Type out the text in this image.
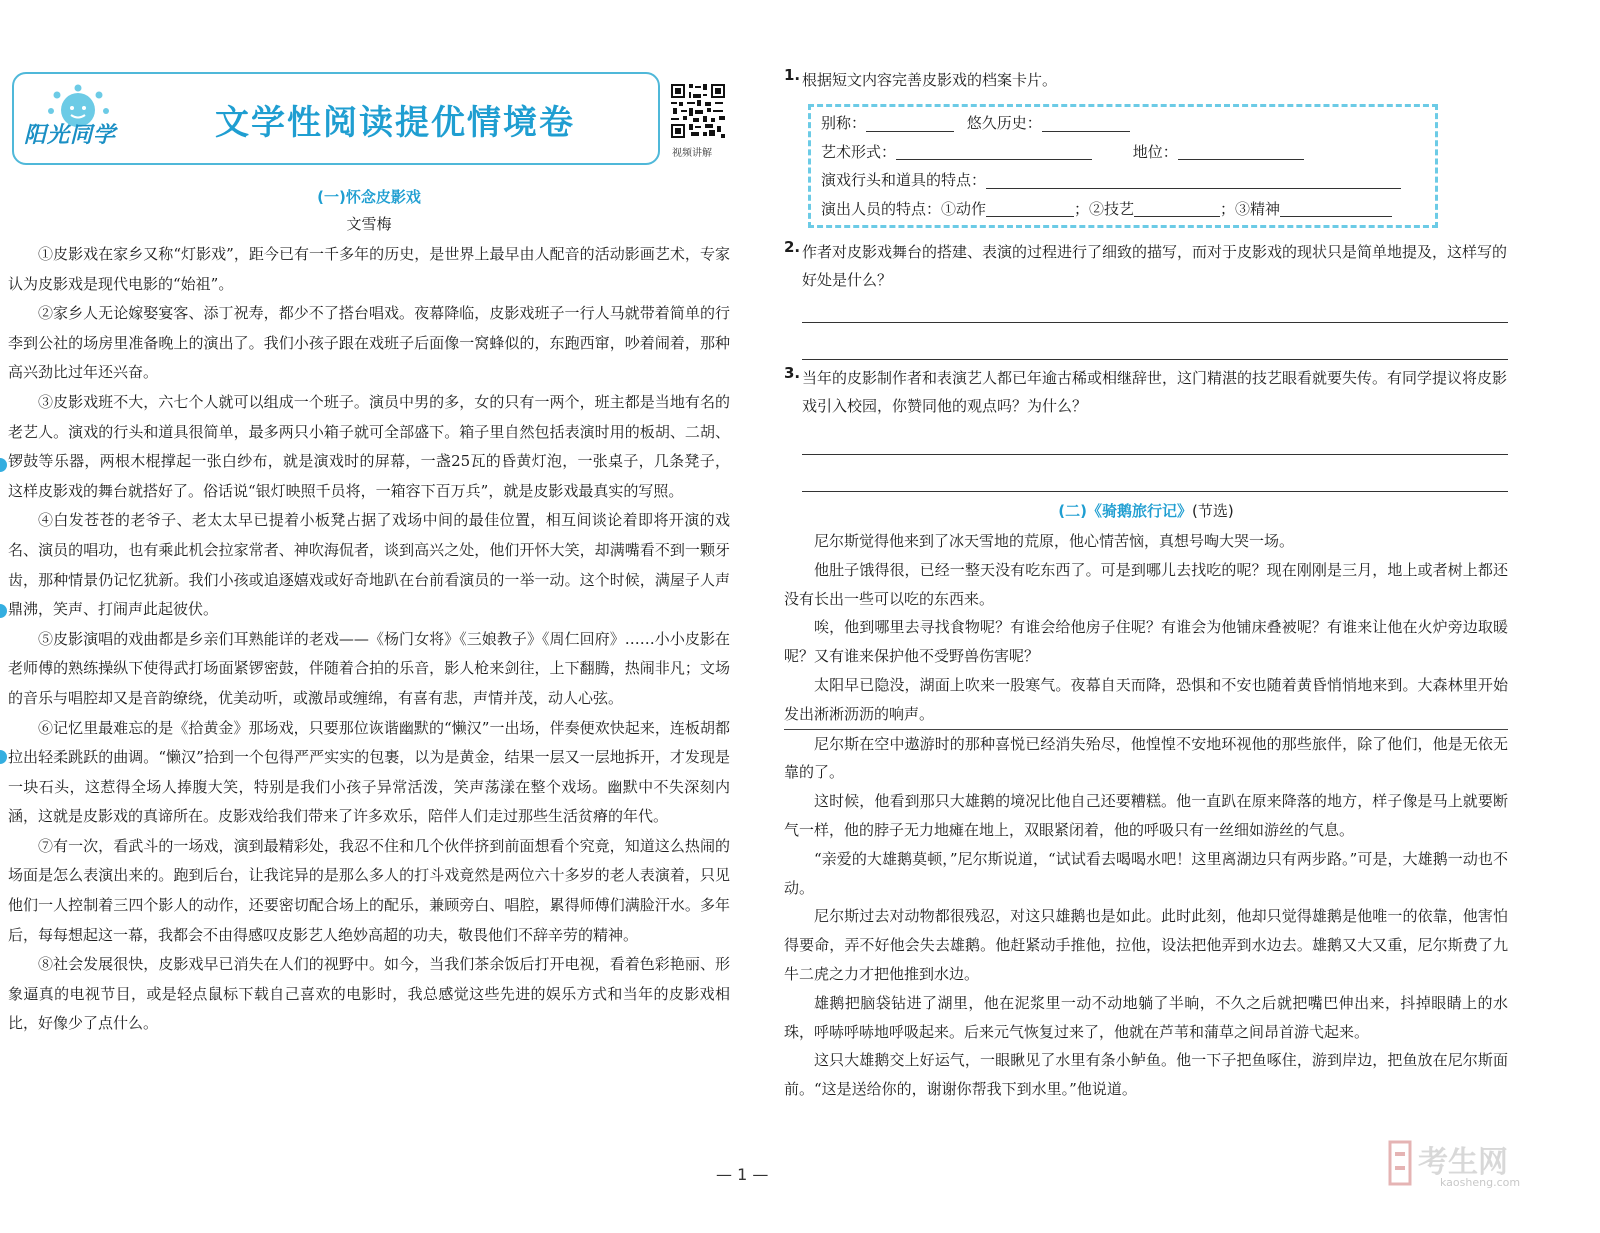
阳光同学	文学性阅读提优情境卷
视频讲解
(一)怀念皮影戏
文雪梅

①皮影戏在家乡又称“灯影戏”，距今已有一千多年的历史，是世界上最早由人配音的活动影画艺术，专家认为皮影戏是现代电影的“始祖”。

②家乡人无论嫁娶宴客、添丁祝寿，都少不了搭台唱戏。夜幕降临，皮影戏班子一行人马就带着简单的行李到公社的场房里准备晚上的演出了。我们小孩子跟在戏班子后面像一窝蜂似的，东跑西窜，吵着闹着，那种高兴劲比过年还兴奋。

③皮影戏班不大，六七个人就可以组成一个班子。演员中男的多，女的只有一两个，班主都是当地有名的老艺人。演戏的行头和道具很简单，最多两只小箱子就可全部盛下。箱子里自然包括表演时用的板胡、二胡、锣鼓等乐器，两根木棍撑起一张白纱布，就是演戏时的屏幕，一盏25瓦的昏黄灯泡，一张桌子，几条凳子，这样皮影戏的舞台就搭好了。俗话说“银灯映照千员将，一箱容下百万兵”，就是皮影戏最真实的写照。

④白发苍苍的老爷子、老太太早已提着小板凳占据了戏场中间的最佳位置，相互间谈论着即将开演的戏名、演员的唱功，也有乘此机会拉家常者、神吹海侃者，谈到高兴之处，他们开怀大笑，却满嘴看不到一颗牙齿，那种情景仍记忆犹新。我们小孩或追逐嬉戏或好奇地趴在台前看演员的一举一动。这个时候，满屋子人声鼎沸，笑声、打闹声此起彼伏。

⑤皮影演唱的戏曲都是乡亲们耳熟能详的老戏——《杨门女将》《三娘教子》《周仁回府》……小小皮影在老师傅的熟练操纵下使得武打场面紧锣密鼓，伴随着合拍的乐音，影人枪来剑往，上下翻腾，热闹非凡；文场的音乐与唱腔却又是音韵缭绕，优美动听，或激昂或缠绵，有喜有悲，声情并茂，动人心弦。

⑥记忆里最难忘的是《拾黄金》那场戏，只要那位诙谐幽默的“懒汉”一出场，伴奏便欢快起来，连板胡都拉出轻柔跳跃的曲调。“懒汉”拾到一个包得严严实实的包裹，以为是黄金，结果一层又一层地拆开，才发现是一块石头，这惹得全场人捧腹大笑，特别是我们小孩子异常活泼，笑声荡漾在整个戏场。幽默中不失深刻内涵，这就是皮影戏的真谛所在。皮影戏给我们带来了许多欢乐，陪伴人们走过那些生活贫瘠的年代。

⑦有一次，看武斗的一场戏，演到最精彩处，我忍不住和几个伙伴挤到前面想看个究竟，知道这么热闹的场面是怎么表演出来的。跑到后台，让我诧异的是那么多人的打斗戏竟然是两位六十多岁的老人表演着，只见他们一人控制着三四个影人的动作，还要密切配合场上的配乐，兼顾旁白、唱腔，累得师傅们满脸汗水。多年后，每每想起这一幕，我都会不由得感叹皮影艺人绝妙高超的功夫，敬畏他们不辞辛劳的精神。

⑧社会发展很快，皮影戏早已消失在人们的视野中。如今，当我们茶余饭后打开电视，看着色彩艳丽、形象逼真的电视节目，或是轻点鼠标下载自己喜欢的电影时，我总感觉这些先进的娱乐方式和当年的皮影戏相比，好像少了点什么。

1. 根据短文内容完善皮影戏的档案卡片。

别称：	悠久历史：
艺术形式：	地位：
演戏行头和道具的特点：
演出人员的特点：①动作	；②技艺	；③精神

2. 作者对皮影戏舞台的搭建、表演的过程进行了细致的描写，而对于皮影戏的现状只是简单地提及，这样写的好处是什么？

3. 当年的皮影制作者和表演艺人都已年逾古稀或相继辞世，这门精湛的技艺眼看就要失传。有同学提议将皮影戏引入校园，你赞同他的观点吗？为什么？

(二)《骑鹅旅行记》(节选)

尼尔斯觉得他来到了冰天雪地的荒原，他心情苦恼，真想号啕大哭一场。

他肚子饿得很，已经一整天没有吃东西了。可是到哪儿去找吃的呢？现在刚刚是三月，地上或者树上都还没有长出一些可以吃的东西来。

唉，他到哪里去寻找食物呢？有谁会给他房子住呢？有谁会为他铺床叠被呢？有谁来让他在火炉旁边取暖呢？又有谁来保护他不受野兽伤害呢？

太阳早已隐没，湖面上吹来一股寒气。夜幕自天而降，恐惧和不安也随着黄昏悄悄地来到。大森林里开始发出淅淅沥沥的响声。

尼尔斯在空中遨游时的那种喜悦已经消失殆尽，他惶惶不安地环视他的那些旅伴，除了他们，他是无依无靠的了。

这时候，他看到那只大雄鹅的境况比他自己还要糟糕。他一直趴在原来降落的地方，样子像是马上就要断气一样，他的脖子无力地瘫在地上，双眼紧闭着，他的呼吸只有一丝细如游丝的气息。

“亲爱的大雄鹅莫顿，”尼尔斯说道，“试试看去喝喝水吧！这里离湖边只有两步路。”可是，大雄鹅一动也不动。

尼尔斯过去对动物都很残忍，对这只雄鹅也是如此。此时此刻，他却只觉得雄鹅是他唯一的依靠，他害怕得要命，弄不好他会失去雄鹅。他赶紧动手推他，拉他，设法把他弄到水边去。雄鹅又大又重，尼尔斯费了九牛二虎之力才把他推到水边。

雄鹅把脑袋钻进了湖里，他在泥浆里一动不动地躺了半晌，不久之后就把嘴巴伸出来，抖掉眼睛上的水珠，呼哧呼哧地呼吸起来。后来元气恢复过来了，他就在芦苇和蒲草之间昂首游弋起来。

这只大雄鹅交上好运气，一眼瞅见了水里有条小鲈鱼。他一下子把鱼啄住，游到岸边，把鱼放在尼尔斯面前。“这是送给你的，谢谢你帮我下到水里。”他说道。

— 1 —	考生网
kaosheng.com
